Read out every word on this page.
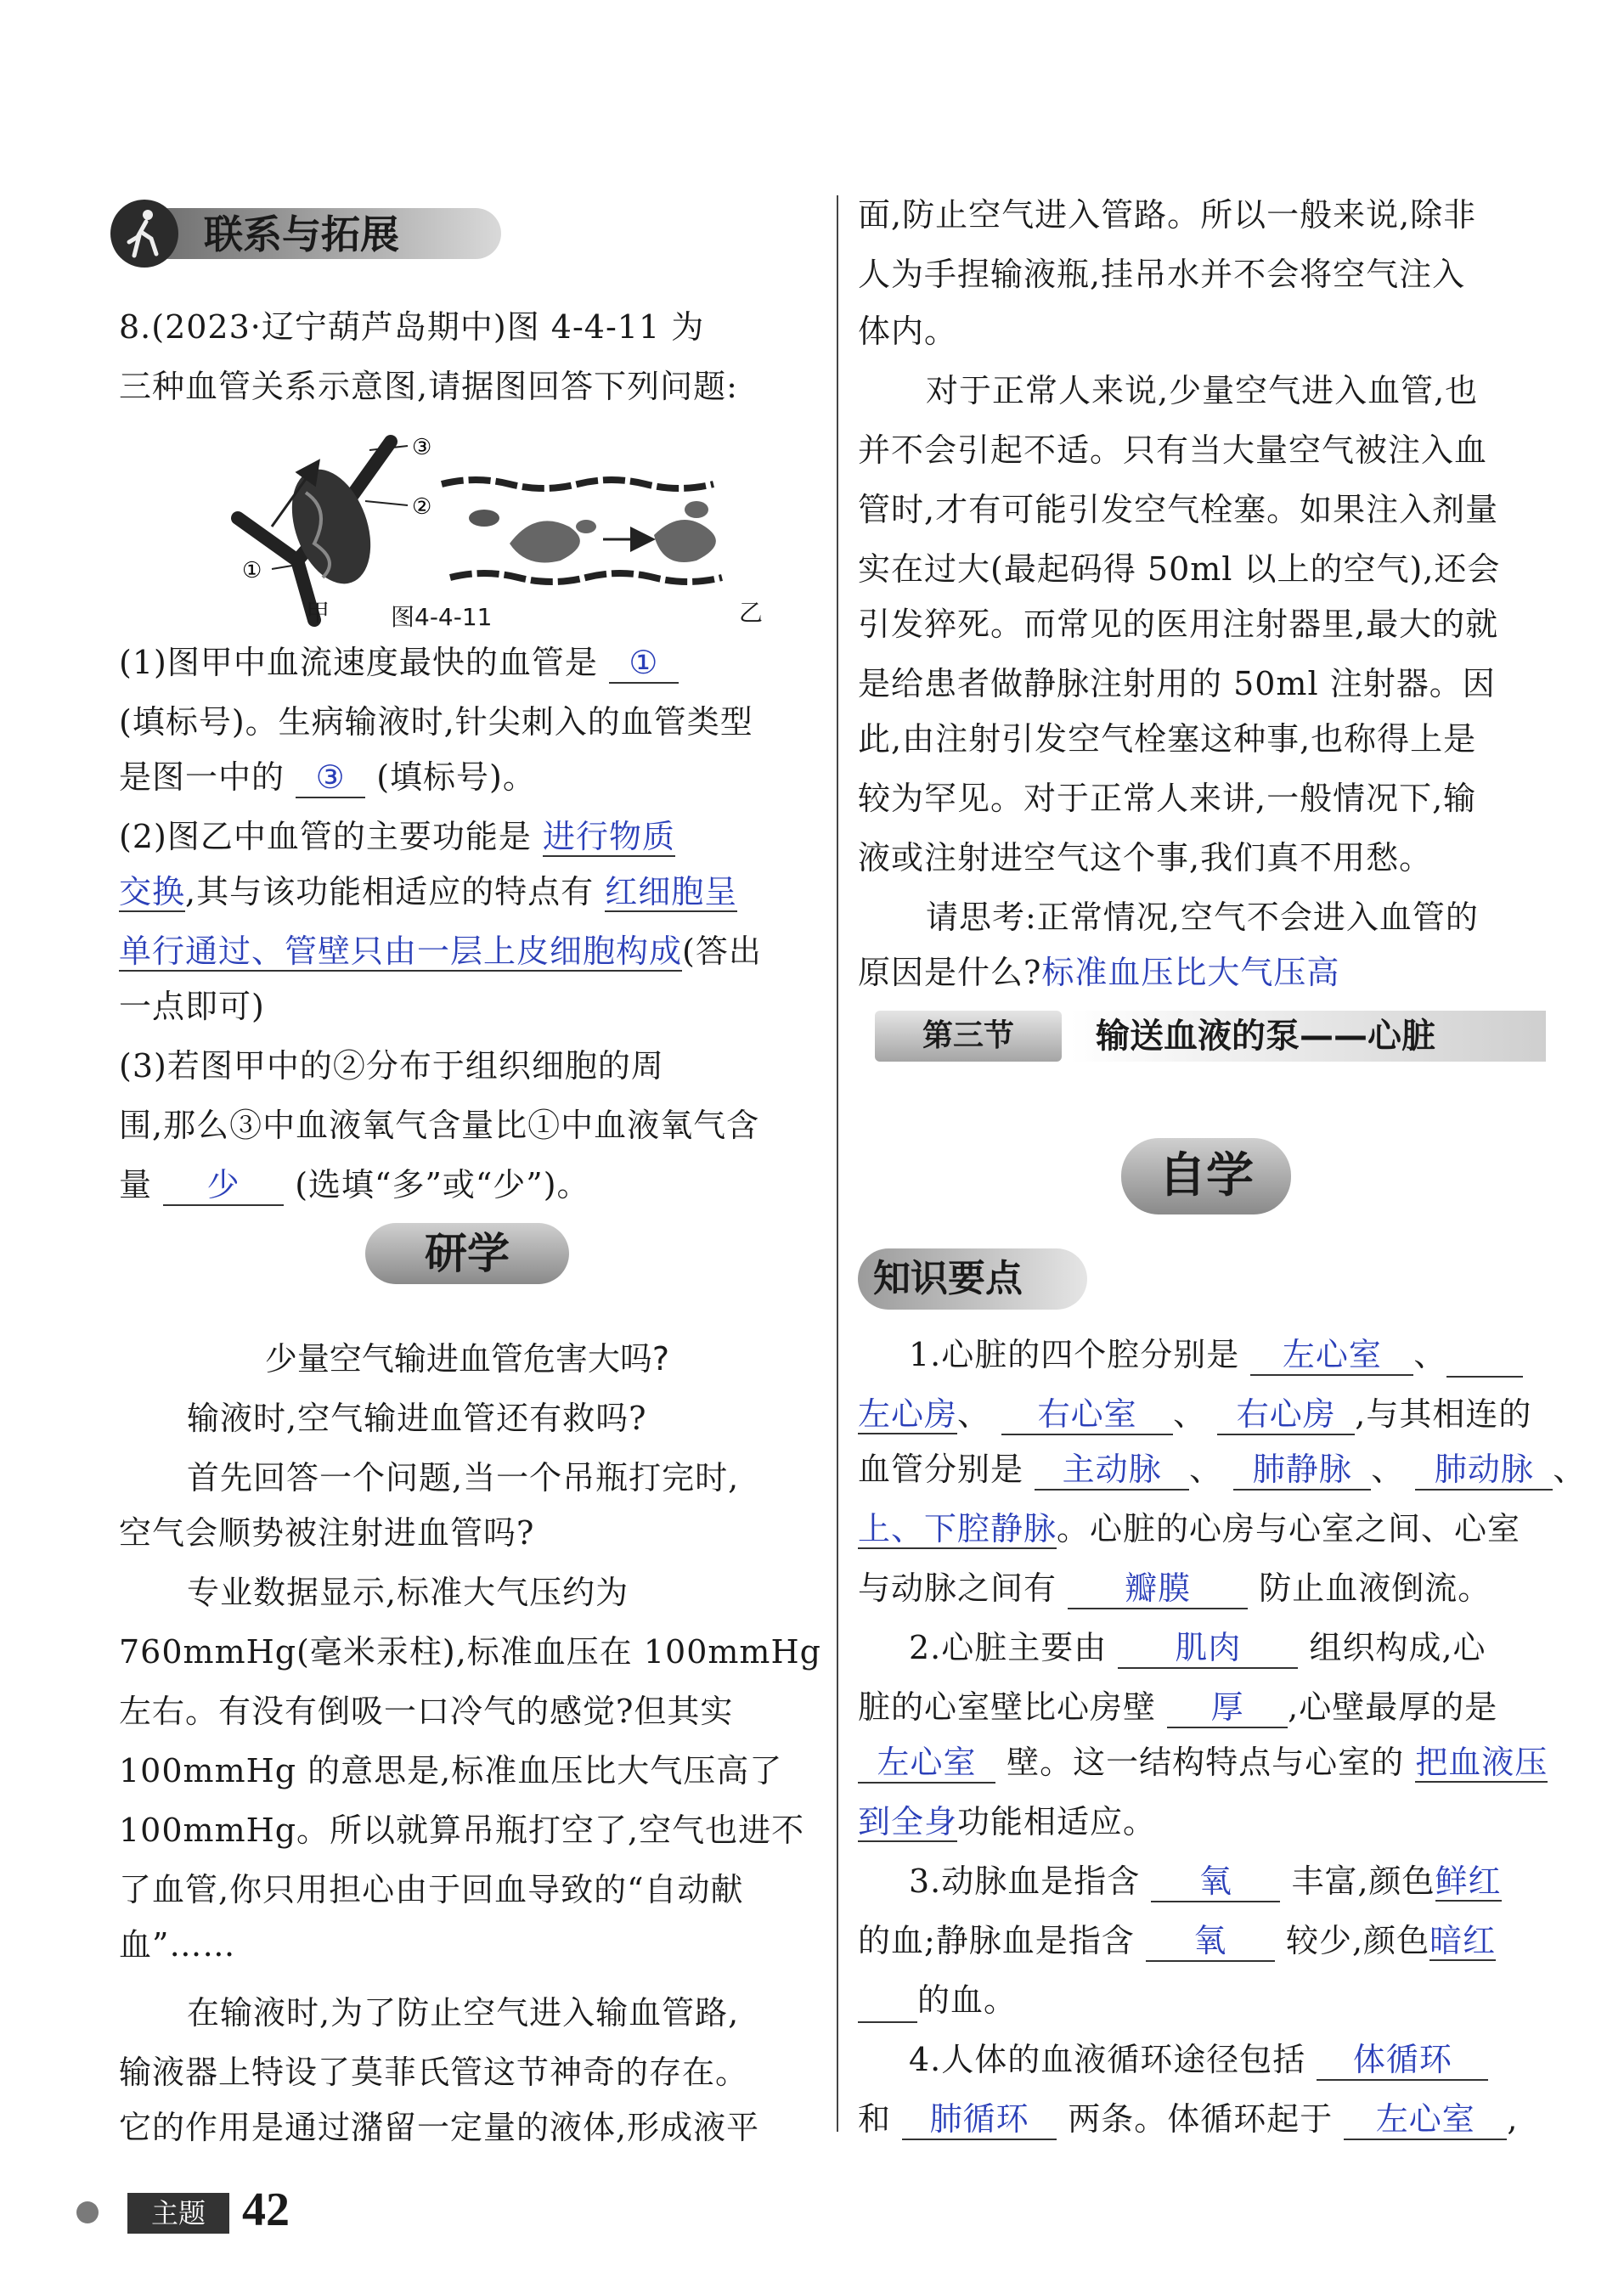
联系与拓展
8.(2023·辽宁葫芦岛期中)图 4-4-11 为
三种血管关系示意图,请据图回答下列问题:
③
②
①
甲	图4-4-11	乙
(1)图甲中血流速度最快的血管是 ①
(填标号)。生病输液时,针尖刺入的血管类型
是图一中的 ③ (填标号)。
(2)图乙中血管的主要功能是 进行物质
交换,其与该功能相适应的特点有 红细胞呈
单行通过、管壁只由一层上皮细胞构成(答出
一点即可)
(3)若图甲中的②分布于组织细胞的周
围,那么③中血液氧气含量比①中血液氧气含
量 少 (选填“多”或“少”)。
研学
少量空气输进血管危害大吗?
输液时,空气输进血管还有救吗?
首先回答一个问题,当一个吊瓶打完时,
空气会顺势被注射进血管吗?
专业数据显示,标准大气压约为
760mmHg(毫米汞柱),标准血压在 100mmHg
左右。有没有倒吸一口冷气的感觉?但其实
100mmHg 的意思是,标准血压比大气压高了
100mmHg。所以就算吊瓶打空了,空气也进不
了血管,你只用担心由于回血导致的“自动献
血”……
在输液时,为了防止空气进入输血管路,
输液器上特设了莫菲氏管这节神奇的存在。
它的作用是通过潴留一定量的液体,形成液平
面,防止空气进入管路。所以一般来说,除非
人为手捏输液瓶,挂吊水并不会将空气注入
体内。
对于正常人来说,少量空气进入血管,也
并不会引起不适。只有当大量空气被注入血
管时,才有可能引发空气栓塞。如果注入剂量
实在过大(最起码得 50ml 以上的空气),还会
引发猝死。而常见的医用注射器里,最大的就
是给患者做静脉注射用的 50ml 注射器。因
此,由注射引发空气栓塞这种事,也称得上是
较为罕见。对于正常人来讲,一般情况下,输
液或注射进空气这个事,我们真不用愁。
请思考:正常情况,空气不会进入血管的
原因是什么?标准血压比大气压高
第三节	输送血液的泵——心脏
自学
知识要点
1.心脏的四个腔分别是 左心室 、
左心房、 右心室 、 右心房 ,与其相连的
血管分别是 主动脉 、 肺静脉 、 肺动脉 、
上、下腔静脉。心脏的心房与心室之间、心室
与动脉之间有 瓣膜 防止血液倒流。
2.心脏主要由 肌肉 组织构成,心
脏的心室壁比心房壁 厚 ,心壁最厚的是
左心室 壁。这一结构特点与心室的 把血液压
到全身功能相适应。
3.动脉血是指含 氧 丰富,颜色鲜红
的血;静脉血是指含 氧 较少,颜色暗红
的血。
4.人体的血液循环途径包括 体循环
和 肺循环 两条。体循环起于 左心室 ,
主题 42
